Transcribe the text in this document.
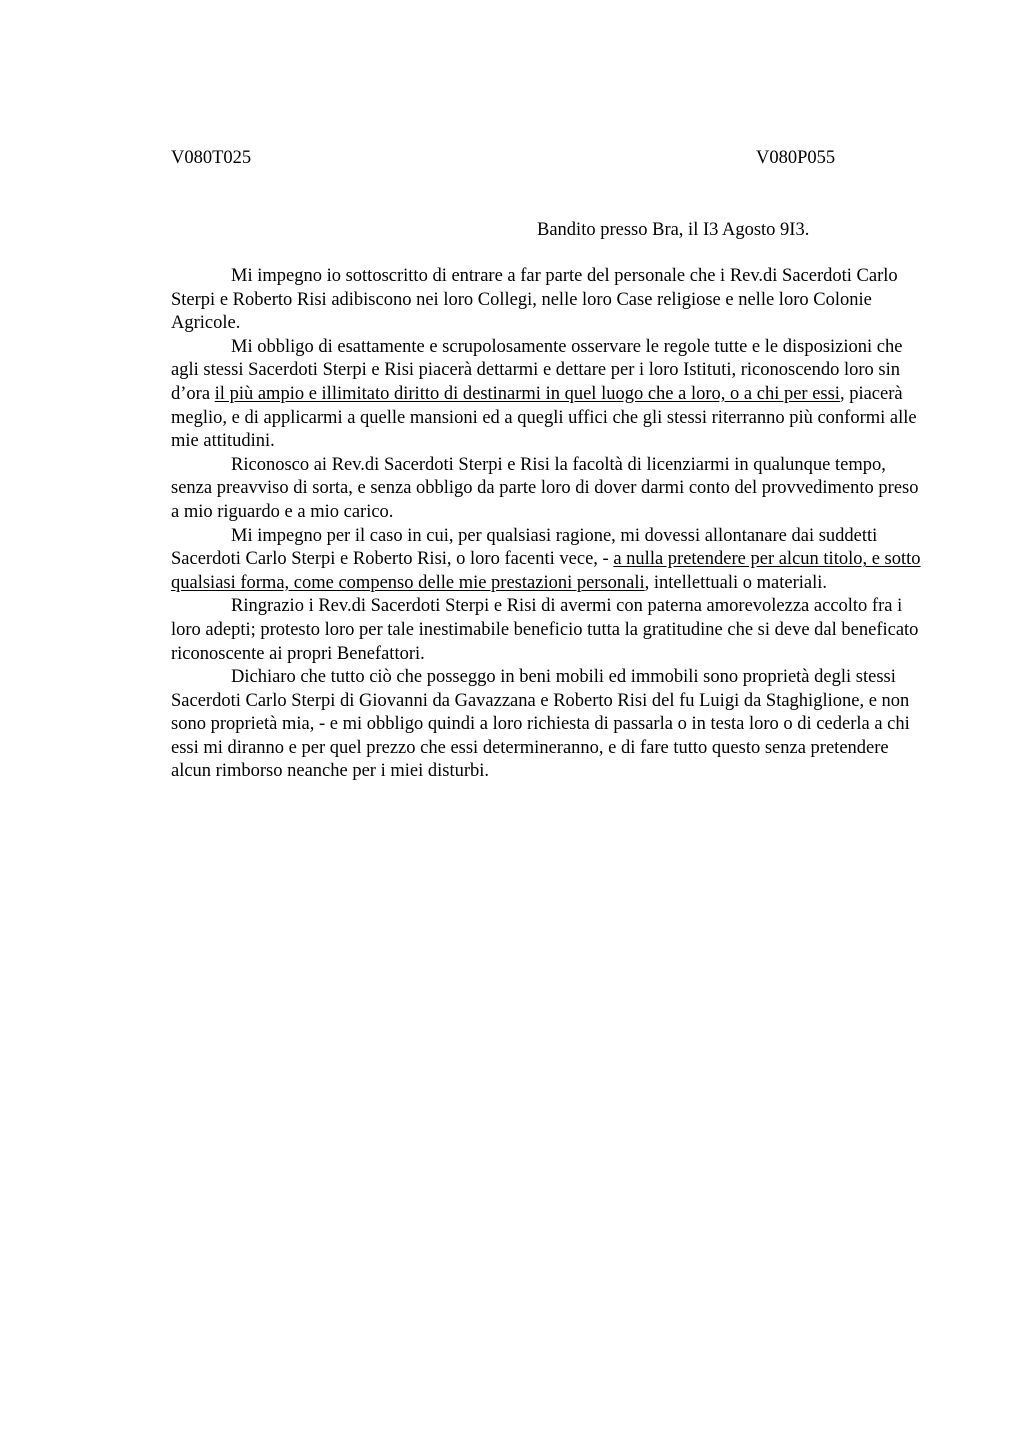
V080T025	V080P055
Bandito presso Bra, il I3 Agosto 9I3.

Mi impegno io sottoscritto di entrare a far parte del personale che i Rev.di Sacerdoti Carlo Sterpi e Roberto Risi adibiscono nei loro Collegi, nelle loro Case religiose e nelle loro Colonie Agricole.

Mi obbligo di esattamente e scrupolosamente osservare le regole tutte e le disposizioni che agli stessi Sacerdoti Sterpi e Risi piacerà dettarmi e dettare per i loro Istituti, riconoscendo loro sin d’ora il più ampio e illimitato diritto di destinarmi in quel luogo che a loro, o a chi per essi, piacerà meglio, e di applicarmi a quelle mansioni ed a quegli uffici che gli stessi riterranno più conformi alle mie attitudini.

Riconosco ai Rev.di Sacerdoti Sterpi e Risi la facoltà di licenziarmi in qualunque tempo, senza preavviso di sorta, e senza obbligo da parte loro di dover darmi conto del provvedimento preso a mio riguardo e a mio carico.

Mi impegno per il caso in cui, per qualsiasi ragione, mi dovessi allontanare dai suddetti Sacerdoti Carlo Sterpi e Roberto Risi, o loro facenti vece, - a nulla pretendere per alcun titolo, e sotto qualsiasi forma, come compenso delle mie prestazioni personali, intellettuali o materiali.

Ringrazio i Rev.di Sacerdoti Sterpi e Risi di avermi con paterna amorevolezza accolto fra i loro adepti; protesto loro per tale inestimabile beneficio tutta la gratitudine che si deve dal beneficato riconoscente ai propri Benefattori.

Dichiaro che tutto ciò che posseggo in beni mobili ed immobili sono proprietà degli stessi Sacerdoti Carlo Sterpi di Giovanni da Gavazzana e Roberto Risi del fu Luigi da Staghiglione, e non sono proprietà mia, - e mi obbligo quindi a loro richiesta di passarla o in testa loro o di cederla a chi essi mi diranno e per quel prezzo che essi determineranno, e di fare tutto questo senza pretendere alcun rimborso neanche per i miei disturbi.
